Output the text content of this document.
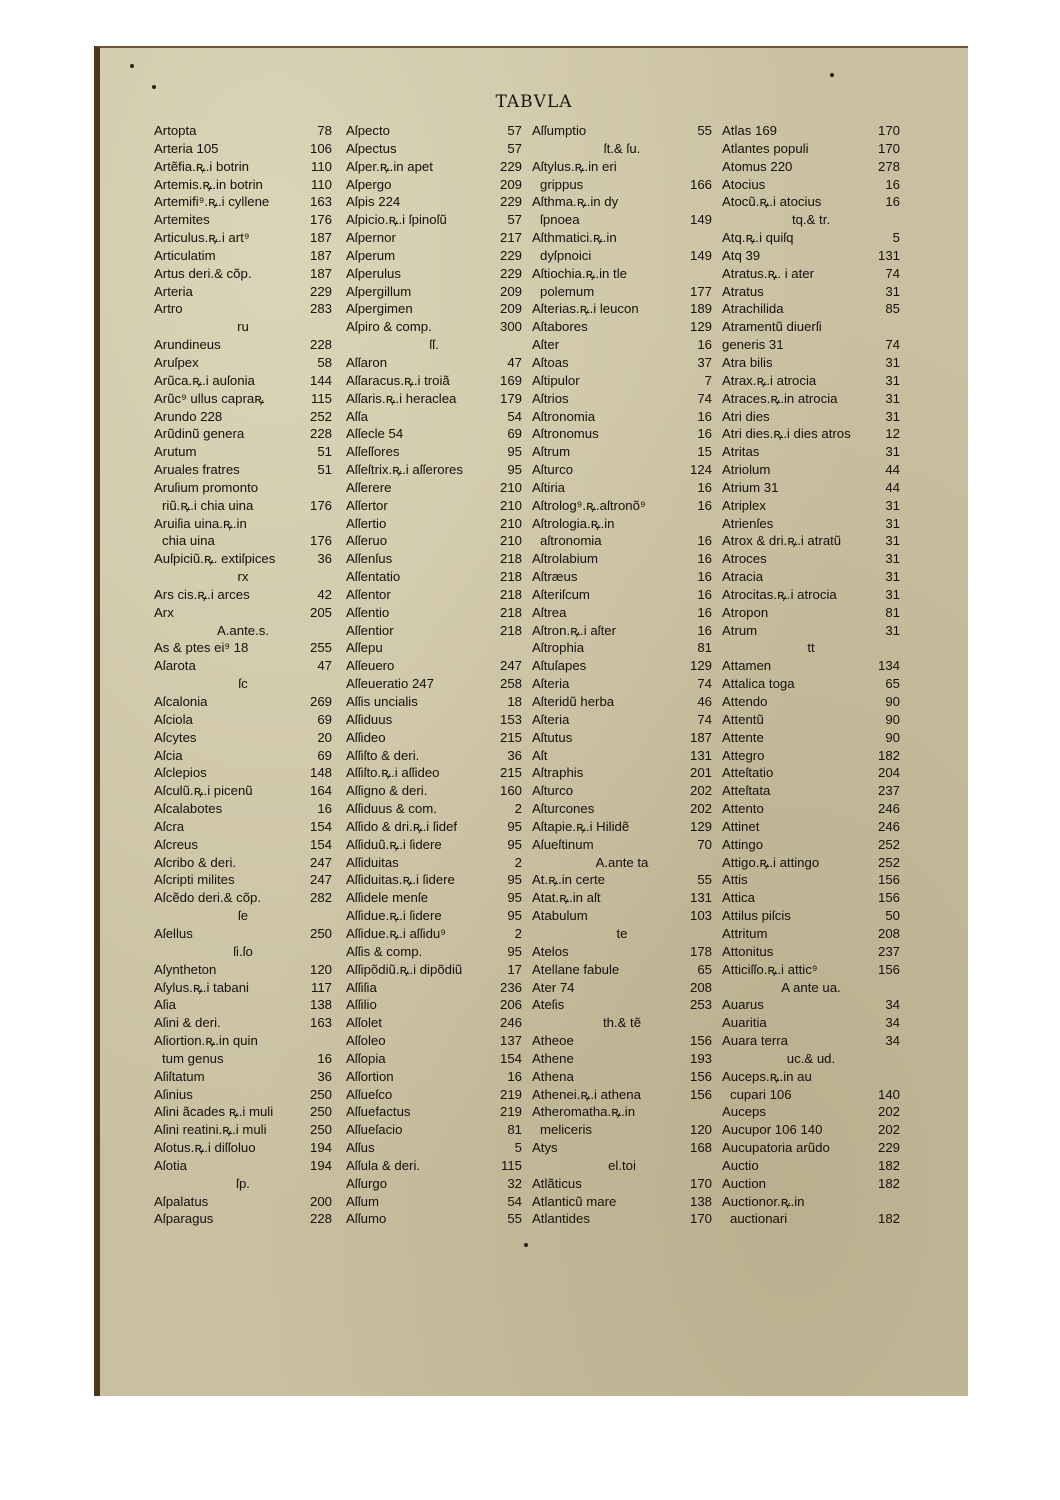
TABVLA
Artopta	78
Arteria 105	106
Artẽfia.ꝶ.i botrin	110
Artemis.ꝶ.in botrin	110
Artemifi⁹.ꝶ.i cyllene	163
Artemites	176
Articulus.ꝶ.i art⁹	187
Articulatim	187
Artus deri.& cõp.	187
Arteria	229
Artro	283
ru
Arundineus	228
Aruſpex	58
Arũca.ꝶ.i auſonia	144
Arũc⁹ ullus capraꝶ	115
Arundo 228	252
Arũdinũ genera	228
Arutum	51
Aruales fratres	51
Aruſium promonto
riũ.ꝶ.i chia uina	176
Aruiſia uina.ꝶ.in
chia uina	176
Auſpiciũ.ꝶ. extiſpices	36
rx
Ars cis.ꝶ.i arces	42
Arx	205
A.ante.s.
As & ptes ei⁹ 18	255
Aſarota	47
ſc
Aſcalonia	269
Aſciola	69
Aſcytes	20
Aſcia	69
Aſclepios	148
Aſculũ.ꝶ.i picenũ	164
Aſcalabotes	16
Aſcra	154
Aſcreus	154
Aſcribo & deri.	247
Aſcripti milites	247
Aſcẽdo deri.& cõp.	282
ſe
Aſellus	250
ſi.ſo
Aſyntheton	120
Aſylus.ꝶ.i tabani	117
Aſia	138
Aſini & deri.	163
Aſiortion.ꝶ.in quin
tum genus	16
Aſiſtatum	36
Aſinius	250
Aſini ãcades ꝶ.i muli	250
Aſini reatini.ꝶ.i muli	250
Aſotus.ꝶ.i diſſoluo	194
Aſotia	194
ſp.
Aſpalatus	200
Aſparagus	228
Aſpecto	57
Aſpectus	57
Aſper.ꝶ.in apet	229
Aſpergo	209
Aſpis 224	229
Aſpicio.ꝶ.i ſpinoſũ	57
Aſpernor	217
Aſperum	229
Aſperulus	229
Aſpergillum	209
Aſpergimen	209
Aſpiro & comp.	300
ſſ.
Aſſaron	47
Aſſaracus.ꝶ.i troiã	169
Aſſaris.ꝶ.i heraclea	179
Aſſa	54
Aſſecle 54	69
Aſſeſſores	95
Aſſeſtrix.ꝶ.i aſſerores	95
Aſſerere	210
Aſſertor	210
Aſſertio	210
Aſſeruo	210
Aſſenſus	218
Aſſentatio	218
Aſſentor	218
Aſſentio	218
Aſſentior	218
Aſſepu
Aſſeuero	247
Aſſeueratio 247	258
Aſſis uncialis	18
Aſſiduus	153
Aſſideo	215
Aſſiſto & deri.	36
Aſſiſto.ꝶ.i aſſideo	215
Aſſigno & deri.	160
Aſſiduus & com.	2
Aſſido & dri.ꝶ.i ſidef	95
Aſſiduũ.ꝶ.i ſidere	95
Aſſiduitas	2
Aſſiduitas.ꝶ.i ſidere	95
Aſſidele menſe	95
Aſſidue.ꝶ.i ſidere	95
Aſſidue.ꝶ.i aſſidu⁹	2
Aſſis & comp.	95
Aſſipõdiũ.ꝶ.i dipõdiũ	17
Aſſiſia	236
Aſſilio	206
Aſſolet	246
Aſſoleo	137
Aſſopia	154
Aſſortion	16
Aſſueſco	219
Aſſuefactus	219
Aſſueſacio	81
Aſſus	5
Aſſula & deri.	115
Aſſurgo	32
Aſſum	54
Aſſumo	55
Aſſumptio	55
ſt.& ſu.
Aſtylus.ꝶ.in eri
grippus	166
Aſthma.ꝶ.in dy
ſpnoea	149
Aſthmatici.ꝶ.in
dyſpnoici	149
Aſtiochia.ꝶ.in tle
polemum	177
Aſterias.ꝶ.i leucon	189
Aſtabores	129
Aſter	16
Aſtoas	37
Aſtipulor	7
Aſtrios	74
Aſtronomia	16
Aſtronomus	16
Aſtrum	15
Aſturco	124
Aſtiria	16
Aſtrolog⁹.ꝶ.aſtronõ⁹	16
Aſtrologia.ꝶ.in
aſtronomia	16
Aſtrolabium	16
Aſtræus	16
Aſteriſcum	16
Aſtrea	16
Aſtron.ꝶ.i aſter	16
Aſtrophia	81
Aſtuſapes	129
Aſteria	74
Aſteridũ herba	46
Aſteria	74
Aſtutus	187
Aſt	131
Aſtraphis	201
Aſturco	202
Aſturcones	202
Aſtapie.ꝶ.i Hilidẽ	129
Aſueſtinum	70
A.ante ta
At.ꝶ.in certe	55
Atat.ꝶ.in aſt	131
Atabulum	103
te
Atelos	178
Atellane fabule	65
Ater 74	208
Ateſis	253
th.& tẽ
Atheoe	156
Athene	193
Athena	156
Athenei.ꝶ.i athena	156
Atheromatha.ꝶ.in
meliceris	120
Atys	168
el.toi
Atlãticus	170
Atlanticũ mare	138
Atlantides	170
Atlas 169	170
Atlantes populi	170
Atomus 220	278
Atocius	16
Atocũ.ꝶ.i atocius	16
tq.& tr.
Atq.ꝶ.i quiſq	5
Atq 39	131
Atratus.ꝶ. i ater	74
Atratus	31
Atrachilida	85
Atramentũ diuerſi
generis 31	74
Atra bilis	31
Atrax.ꝶ.i atrocia	31
Atraces.ꝶ.in atrocia	31
Atri dies	31
Atri dies.ꝶ.i dies atros	12
Atritas	31
Atriolum	44
Atrium 31	44
Atriplex	31
Atrienſes	31
Atrox & dri.ꝶ.i atratũ	31
Atroces	31
Atracia	31
Atrocitas.ꝶ.i atrocia	31
Atropon	81
Atrum	31
tt
Attamen	134
Attalica toga	65
Attendo	90
Attentũ	90
Attente	90
Attegro	182
Atteſtatio	204
Atteſtata	237
Attento	246
Attinet	246
Attingo	252
Attigo.ꝶ.i attingo	252
Attis	156
Attica	156
Attilus piſcis	50
Attritum	208
Attonitus	237
Atticiſſo.ꝶ.i attic⁹	156
A ante ua.
Auarus	34
Auaritia	34
Auara terra	34
uc.& ud.
Auceps.ꝶ.in au
cupari 106	140
Auceps	202
Aucupor 106 140	202
Aucupatoria arũdo	229
Auctio	182
Auction	182
Auctionor.ꝶ.in
auctionari	182
